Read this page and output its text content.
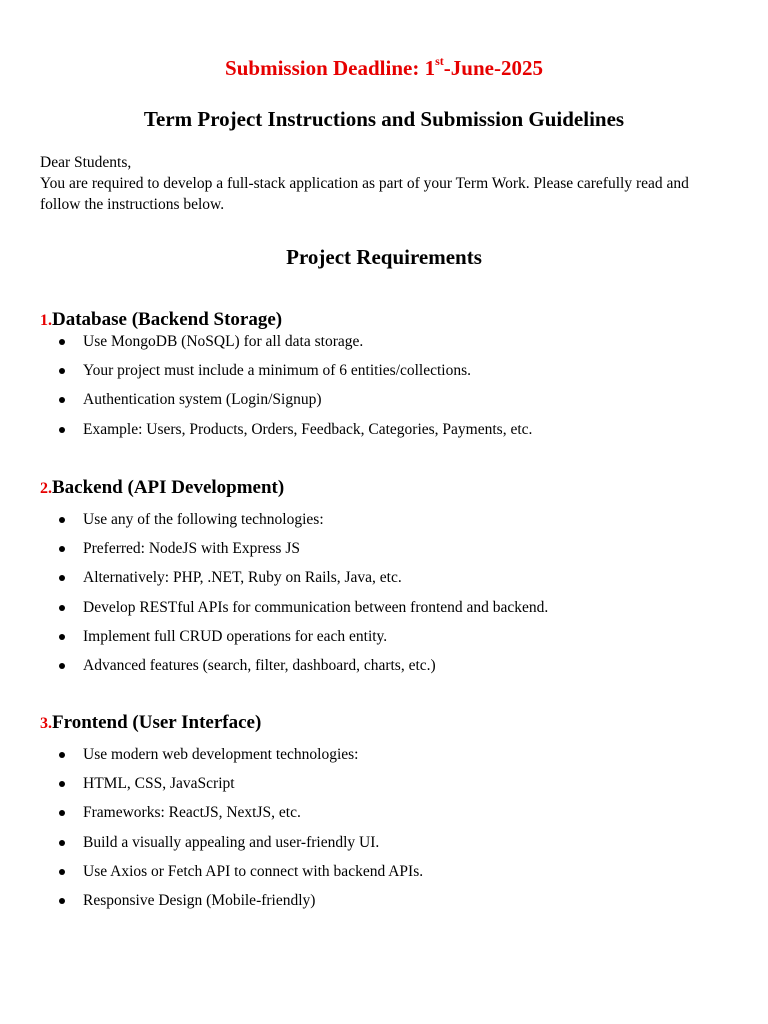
Submission Deadline: 1st-June-2025
Term Project Instructions and Submission Guidelines

Dear Students,

You are required to develop a full-stack application as part of your Term Work. Please carefully read and follow the instructions below.

Project Requirements
1.Database (Backend Storage)
Use MongoDB (NoSQL) for all data storage.
Your project must include a minimum of 6 entities/collections.
Authentication system (Login/Signup)
Example: Users, Products, Orders, Feedback, Categories, Payments, etc.
2.Backend (API Development)
Use any of the following technologies:
Preferred: NodeJS with Express JS
Alternatively: PHP, .NET, Ruby on Rails, Java, etc.
Develop RESTful APIs for communication between frontend and backend.
Implement full CRUD operations for each entity.
Advanced features (search, filter, dashboard, charts, etc.)
3.Frontend (User Interface)
Use modern web development technologies:
HTML, CSS, JavaScript
Frameworks: ReactJS, NextJS, etc.
Build a visually appealing and user-friendly UI.
Use Axios or Fetch API to connect with backend APIs.
Responsive Design (Mobile-friendly)
